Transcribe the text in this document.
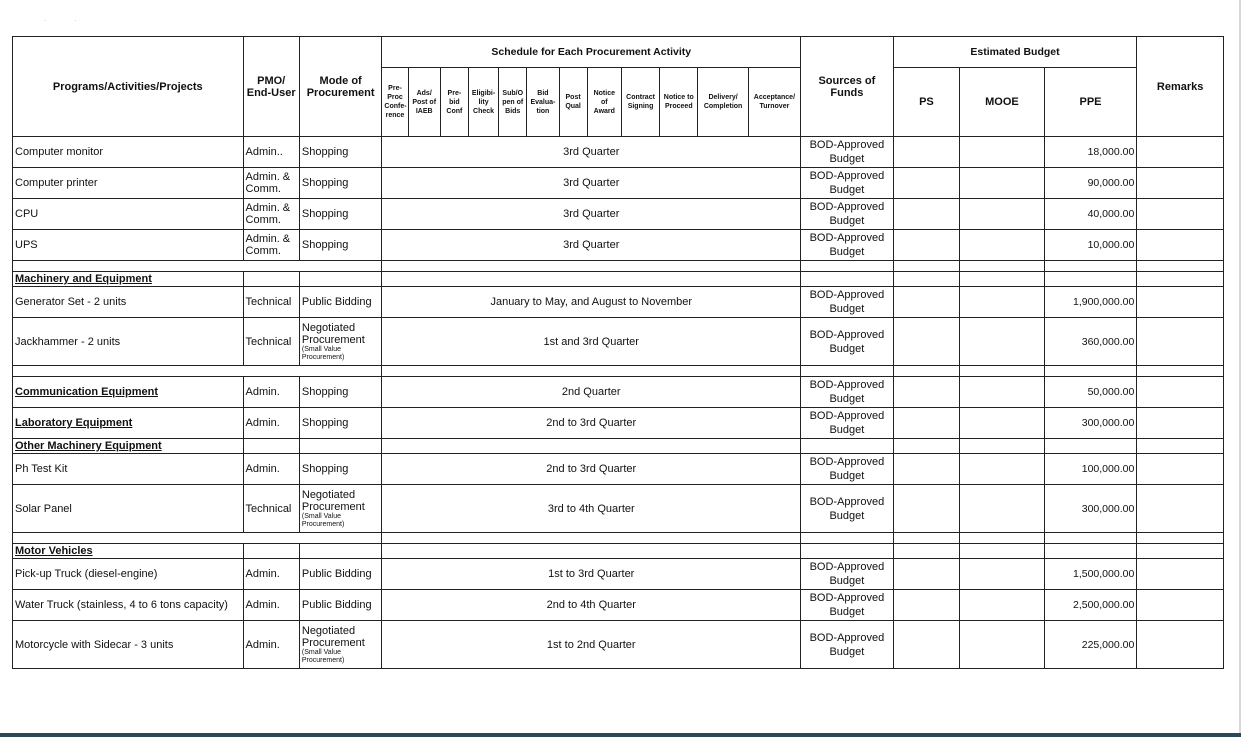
·                 ·
Programs/Activities/Projects	PMO/ End-User	Mode of Procurement	Schedule for Each Procurement Activity												Sources of Funds	Estimated Budget			Remarks
			Pre-Proc Confe-rence	Ads/ Post of IAEB	Pre-bid Conf	Eligibi-lity Check	Sub/O pen of Bids	Bid Evalua-tion	Post Qual	Notice of Award	Contract Signing	Notice to Proceed	Delivery/ Completion	Acceptance/ Turnover		PS	MOOE	PPE	
Computer monitor	Admin..	Shopping	3rd Quarter												BOD-Approved Budget			18,000.00	
Computer printer	Admin. & Comm.	Shopping	3rd Quarter												BOD-Approved Budget			90,000.00	
CPU	Admin. & Comm.	Shopping	3rd Quarter												BOD-Approved Budget			40,000.00	
UPS	Admin. & Comm.	Shopping	3rd Quarter												BOD-Approved Budget			10,000.00	

Machinery and Equipment																			
Generator Set - 2 units	Technical	Public Bidding	January to May, and August to November												BOD-Approved Budget			1,900,000.00	
Jackhammer - 2 units	Technical	Negotiated Procurement
(Small Value Procurement)	1st and 3rd Quarter												BOD-Approved Budget			360,000.00	

Communication Equipment	Admin.	Shopping	2nd Quarter												BOD-Approved Budget			50,000.00	
Laboratory Equipment	Admin.	Shopping	2nd to 3rd Quarter												BOD-Approved Budget			300,000.00	
Other Machinery Equipment																			
Ph Test Kit	Admin.	Shopping	2nd to 3rd Quarter												BOD-Approved Budget			100,000.00	
Solar Panel	Technical	Negotiated Procurement
(Small Value Procurement)	3rd to 4th Quarter												BOD-Approved Budget			300,000.00	

Motor Vehicles																			
Pick-up Truck (diesel-engine)	Admin.	Public Bidding	1st to 3rd Quarter												BOD-Approved Budget			1,500,000.00	
Water Truck (stainless, 4 to 6 tons capacity)	Admin.	Public Bidding	2nd to 4th Quarter												BOD-Approved Budget			2,500,000.00	
Motorcycle with Sidecar - 3 units	Admin.	Negotiated Procurement
(Small Value Procurement)	1st to 2nd Quarter												BOD-Approved Budget			225,000.00	
